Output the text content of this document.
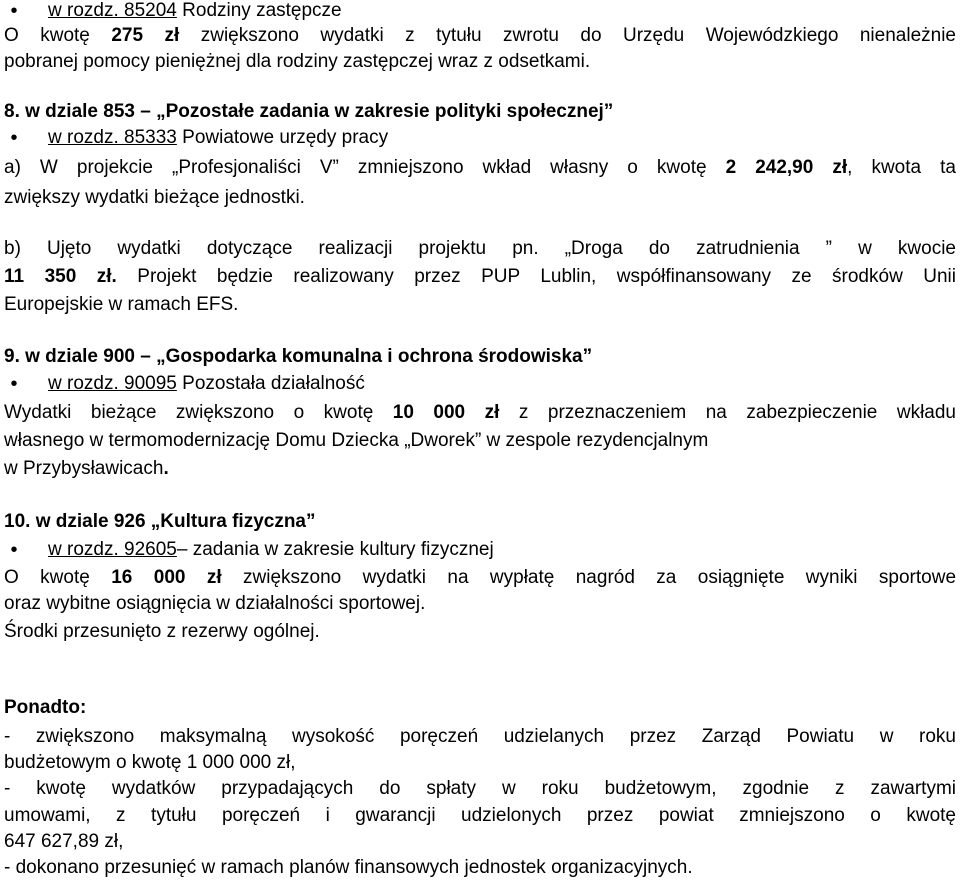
•	w rozdz. 85204 Rodziny zastępcze
O kwotę 275 zł zwiększono wydatki z tytułu zwrotu do Urzędu Wojewódzkiego nienależnie
pobranej pomocy pieniężnej dla rodziny zastępczej wraz z odsetkami.
8. w dziale 853 – „Pozostałe zadania w zakresie polityki społecznej”
•	w rozdz. 85333 Powiatowe urzędy pracy
a) W projekcie „Profesjonaliści V” zmniejszono wkład własny o kwotę 2 242,90 zł, kwota ta
zwiększy wydatki bieżące jednostki.
b) Ujęto wydatki dotyczące realizacji projektu pn. „Droga do zatrudnienia ” w kwocie
11 350 zł. Projekt będzie realizowany przez PUP Lublin, współfinansowany ze środków Unii
Europejskie w ramach EFS.
9. w dziale 900 – „Gospodarka komunalna i ochrona środowiska”
•	w rozdz. 90095 Pozostała działalność
Wydatki bieżące zwiększono o kwotę 10 000 zł z przeznaczeniem na zabezpieczenie wkładu
własnego w termomodernizację Domu Dziecka „Dworek” w zespole rezydencjalnym
w Przybysławicach.
10. w dziale 926 „Kultura fizyczna”
•	w rozdz. 92605– zadania w zakresie kultury fizycznej
O kwotę 16 000 zł zwiększono wydatki na wypłatę nagród za osiągnięte wyniki sportowe
oraz wybitne osiągnięcia w działalności sportowej.
Środki przesunięto z rezerwy ogólnej.
Ponadto:
- zwiększono maksymalną wysokość poręczeń udzielanych przez Zarząd Powiatu w roku
budżetowym o kwotę 1 000 000 zł,
- kwotę wydatków przypadających do spłaty w roku budżetowym, zgodnie z zawartymi
umowami, z tytułu poręczeń i gwarancji udzielonych przez powiat zmniejszono o kwotę
647 627,89 zł,
- dokonano przesunięć w ramach planów finansowych jednostek organizacyjnych.
